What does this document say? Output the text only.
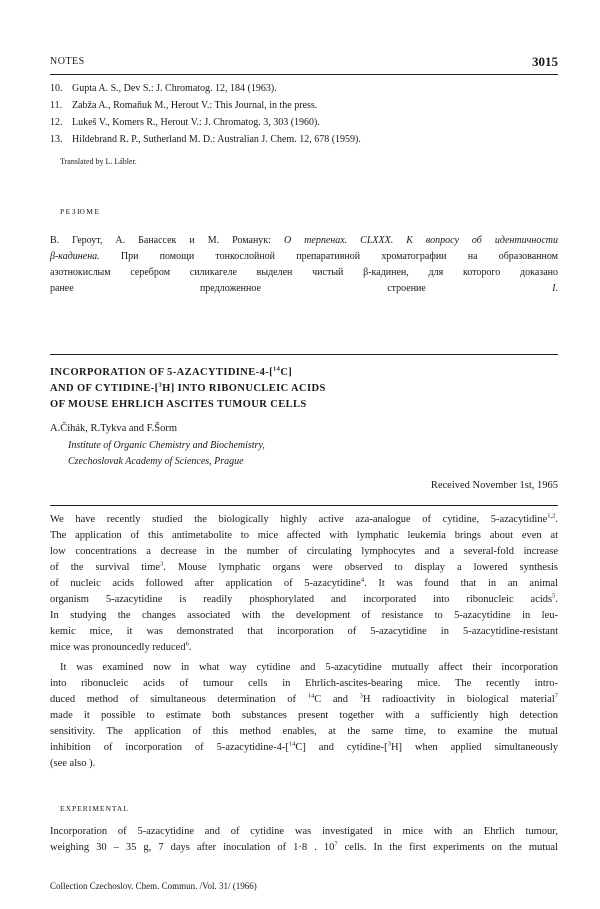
NOTES	3015
10. Gupta A. S., Dev S.: J. Chromatog. 12, 184 (1963).
11. Zabža A., Romaňuk M., Herout V.: This Journal, in the press.
12. Lukeš V., Komers R., Herout V.: J. Chromatog. 3, 303 (1960).
13. Hildebrand R. P., Sutherland M. D.: Australian J. Chem. 12, 678 (1959).
Translated by L. Lábler.
РЕЗЮМЕ
В. Героут, А. Банассек и М. Романук: О терпенах. CLXXX. К вопросу об идентичности
β-кадинена. При помощи тонкослойной препаративной хроматографии на образованном
азотнокислым серебром силикагеле выделен чистый β-кадинен, для которого доказано
ранее предложенное строение I.
INCORPORATION OF 5-AZACYTIDINE-4-[$^{14}$C]
AND OF CYTIDINE-[$^3$H] INTO RIBONUCLEIC ACIDS
OF MOUSE EHRLICH ASCITES TUMOUR CELLS
A.Čihák, R.Tykva and F.Šorm
Institute of Organic Chemistry and Biochemistry,
Czechoslovak Academy of Sciences, Prague
Received November 1st, 1965
We have recently studied the biologically highly active aza-analogue of cytidine, 5-azacytidine$^{1,2}$.
The application of this antimetabolite to mice affected with lymphatic leukemia brings about even at
low concentrations a decrease in the number of circulating lymphocytes and a several-fold increase
of the survival time$^3$. Mouse lymphatic organs were observed to display a lowered synthesis
of nucleic acids followed after application of 5-azacytidine$^4$. It was found that in an animal
organism 5-azacytidine is readily phosphorylated and incorporated into ribonucleic acids$^5$.
In studying the changes associated with the development of resistance to 5-azacytidine in leu-
kemic mice, it was demonstrated that incorporation of 5-azacytidine in 5-azacytidine-resistant
mice was pronouncedly reduced$^6$.
It was examined now in what way cytidine and 5-azacytidine mutually affect their incorporation
into ribonucleic acids of tumour cells in Ehrlich-ascites-bearing mice. The recently intro-
duced method of simultaneous determination of $^{14}$C and $^3$H radioactivity in biological material$^7$
made it possible to estimate both substances present together with a sufficiently high detection
sensitivity. The application of this method enables, at the same time, to examine the mutual
inhibition of incorporation of 5-azacytidine-4-[$^{14}$C] and cytidine-[$^3$H] when applied simultaneously
(see also ).
EXPERIMENTAL
Incorporation of 5-azacytidine and of cytidine was investigated in mice with an Ehrlich tumour,
weighing 30 – 35 g, 7 days after inoculation of 1·8 . $10^7$ cells. In the first experiments on the mutual
Collection Czechoslov. Chem. Commun. /Vol. 31/ (1966)
